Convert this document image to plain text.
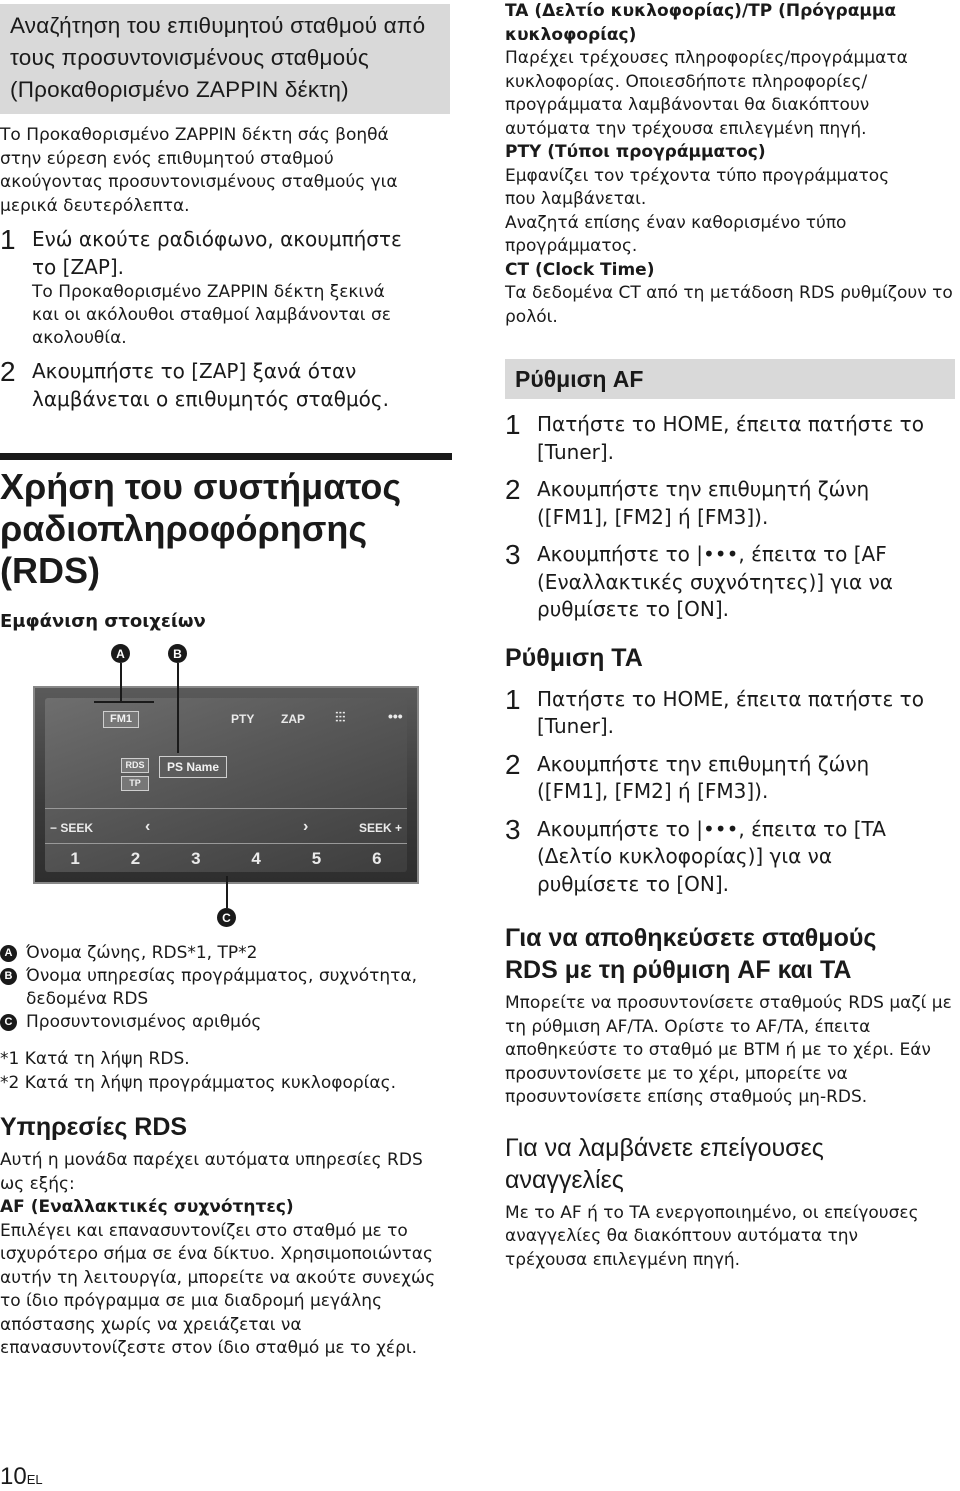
Αναζήτηση του επιθυμητού σταθμού από τους προσυντονισμένους σταθμούς (Προκαθορισμένο ZAPPIN δέκτη)

Το Προκαθορισμένο ZAPPIN δέκτη σάς βοηθά στην εύρεση ενός επιθυμητού σταθμού ακούγοντας προσυντονισμένους σταθμούς για μερικά δευτερόλεπτα.

1 Ενώ ακούτε ραδιόφωνο, ακουμπήστε το [ZAP].

Το Προκαθορισμένο ZAPPIN δέκτη ξεκινά και οι ακόλουθοι σταθμοί λαμβάνονται σε ακολουθία.

2 Ακουμπήστε το [ZAP] ξανά όταν λαμβάνεται ο επιθυμητός σταθμός.
Χρήση του συστήματος ραδιοπληροφόρησης (RDS)
Εμφάνιση στοιχείων
A	B
C
FM1	PTY ZAP ⫶⫶⫶	•••
RDS
TP
PS Name
− SEEK	‹	›	SEEK +
1	2	3	4	5	6
A Όνομα ζώνης, RDS*1, TP*2
B Όνομα υπηρεσίας προγράμματος, συχνότητα, δεδομένα RDS
C Προσυντονισμένος αριθμός

*1 Κατά τη λήψη RDS.

*2 Κατά τη λήψη προγράμματος κυκλοφορίας.

Υπηρεσίες RDS

Αυτή η μονάδα παρέχει αυτόματα υπηρεσίες RDS ως εξής:

AF (Εναλλακτικές συχνότητες)

Επιλέγει και επανασυντονίζει στο σταθμό με το ισχυρότερο σήμα σε ένα δίκτυο. Χρησιμοποιώντας αυτήν τη λειτουργία, μπορείτε να ακούτε συνεχώς το ίδιο πρόγραμμα σε μια διαδρομή μεγάλης απόστασης χωρίς να χρειάζεται να επανασυντονίζεστε στον ίδιο σταθμό με το χέρι.

TA (Δελτίο κυκλοφορίας)/TP (Πρόγραμμα κυκλοφορίας)

Παρέχει τρέχουσες πληροφορίες/προγράμματα κυκλοφορίας. Οποιεσδήποτε πληροφορίες/ προγράμματα λαμβάνονται θα διακόπτουν αυτόματα την τρέχουσα επιλεγμένη πηγή.

PTY (Τύποι προγράμματος)

Εμφανίζει τον τρέχοντα τύπο προγράμματος που λαμβάνεται.

Αναζητά επίσης έναν καθορισμένο τύπο προγράμματος.

CT (Clock Time)

Τα δεδομένα CT από τη μετάδοση RDS ρυθμίζουν το ρολόι.

Ρύθμιση AF
1 Πατήστε το HOME, έπειτα πατήστε το [Tuner].
2 Ακουμπήστε την επιθυμητή ζώνη ([FM1], [FM2] ή [FM3]).
3 Ακουμπήστε το |•••, έπειτα το [AF (Εναλλακτικές συχνότητες)] για να ρυθμίσετε το [ON].
Ρύθμιση TA
1 Πατήστε το HOME, έπειτα πατήστε το [Tuner].
2 Ακουμπήστε την επιθυμητή ζώνη ([FM1], [FM2] ή [FM3]).
3 Ακουμπήστε το |•••, έπειτα το [TA (Δελτίο κυκλοφορίας)] για να ρυθμίσετε το [ON].
Για να αποθηκεύσετε σταθμούς RDS με τη ρύθμιση AF και TA

Μπορείτε να προσυντονίσετε σταθμούς RDS μαζί με τη ρύθμιση AF/TA. Ορίστε το AF/TA, έπειτα αποθηκεύστε το σταθμό με BTM ή με το χέρι. Εάν προσυντονίσετε με το χέρι, μπορείτε να προσυντονίσετε επίσης σταθμούς μη-RDS.

Για να λαμβάνετε επείγουσες αναγγελίες

Με το AF ή το TA ενεργοποιημένο, οι επείγουσες αναγγελίες θα διακόπτουν αυτόματα την τρέχουσα επιλεγμένη πηγή.

10EL
